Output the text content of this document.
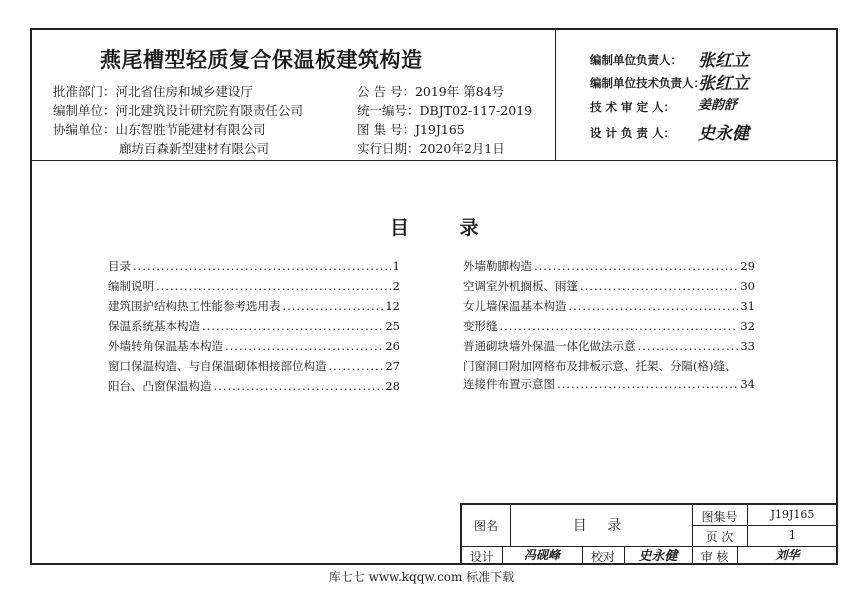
燕尾槽型轻质复合保温板建筑构造
批准部门：河北省住房和城乡建设厅
编制单位：河北建筑设计研究院有限责任公司
协编单位：山东智胜节能建材有限公司
廊坊百森新型建材有限公司
公 告 号：2019年 第84号
统一编号：DBJT02-117-2019
图 集 号：J19J165
实行日期：2020年2月1日
编制单位负责人： 张红立
编制单位技术负责人：
张红立
技 术 审 定 人： 姜韵舒
设 计 负 责 人： 史永健
目 录
目录 .....	1
编制说明 .....	2
建筑围护结构热工性能参考选用表 .....	12
保温系统基本构造 .....	25
外墙转角保温基本构造 .....	26
窗口保温构造、与自保温砌体相接部位构造 .....	27
阳台、凸窗保温构造 .....	28
外墙勒脚构造 .....	29
空调室外机搁板、雨篷 .....	30
女儿墙保温基本构造 .....	31
变形缝 .....	32
普通砌块墙外保温一体化做法示意 .....	33
门窗洞口附加网格布及排板示意、托架、分隔(格)缝、
连接件布置示意图 .....	34
图名	目 录
图集号	J19J165
页 次	1
设计	冯砚峰	校对	史永健	审 核	刘华
库七七 www.kqqw.com 标准下载
